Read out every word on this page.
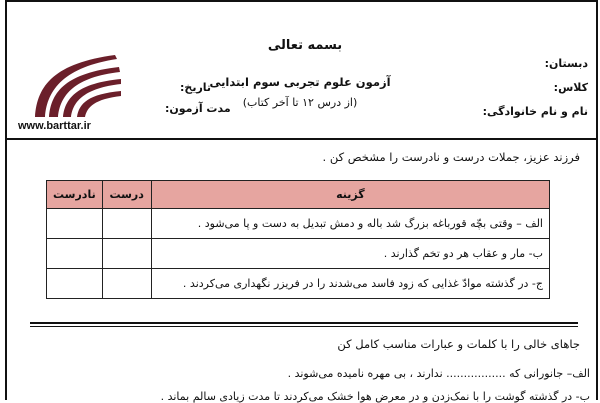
www.barttar.ir
بسمه تعالی
آزمون علوم تجربی سوم ابتدایی
(از درس ۱۲ تا آخر کتاب)
دبستان:
کلاس:
نام و نام خانوادگی:
تاریخ:
مدت آزمون:
فرزند عزیز، جملات درست و نادرست را مشخص کن .
نادرست	درست	گزینه
		الف – وقتی بچّه قورباغه بزرگ شد باله و دمش تبدیل به دست و پا می‌شود .
		ب- مار و عقاب هر دو تخم گذارند .
		ج- در گذشته موادّ غذایی که زود فاسد می‌شدند را در فریزر نگهداری می‌کردند .
جاهای خالی را با کلمات و عبارات مناسب کامل کن
الف– جانورانی که ................. ندارند ، بی مهره نامیده می‌شوند .
ب- در گذشته گوشت را با نمک‌زدن و در معرض هوا خشک می‌کردند تا مدت زیادی سالم بماند .
